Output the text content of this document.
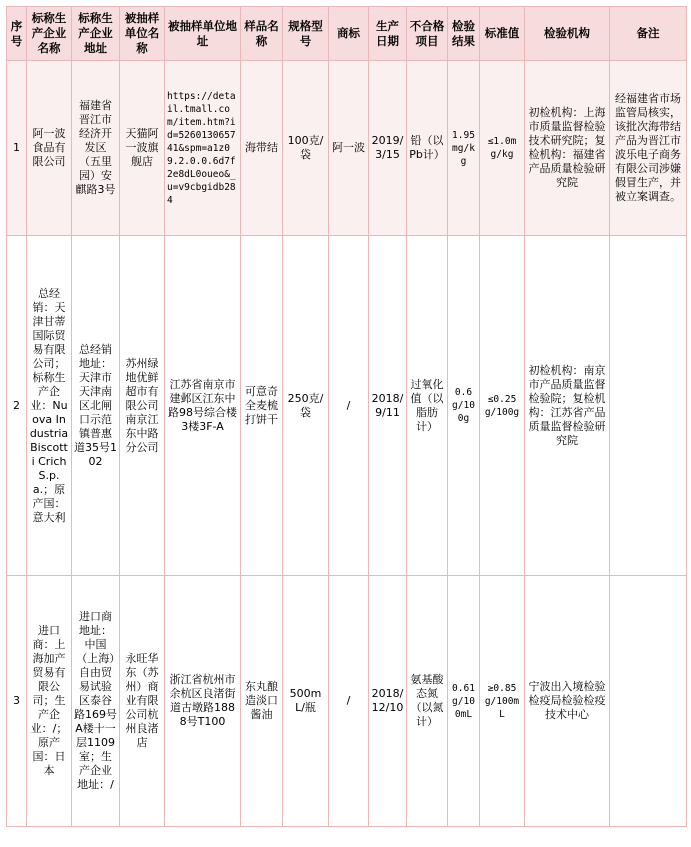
序号	标称生产企业名称	标称生产企业地址	被抽样单位名称	被抽样单位地址	样品名称	规格型号	商标	生产日期	不合格项目	检验结果	标准值	检验机构	备注
1	阿一波食品有限公司	福建省晋江市经济开发区（五里园）安麒路3号	天猫阿一波旗舰店	https://detail.tmall.com/item.htm?id=526013065741&spm=a1z09.2.0.0.6d7f2e8dL0oueo&_u=v9cbgidb284	海带结	100克/袋	阿一波	2019/3/15	铅（以Pb计）	1.95mg/kg	≤1.0mg/kg	初检机构：上海市质量监督检验技术研究院；复检机构：福建省产品质量检验研究院	经福建省市场监管局核实，该批次海带结产品为晋江市波乐电子商务有限公司涉嫌假冒生产，并被立案调查。
2	总经销：天津甘蒂国际贸易有限公司；标称生产企业：Nuova Industria Biscotti Crich S.p.a.；原产国：意大利	总经销地址：天津市天津南区北闸口示范镇普惠道35号102	苏州绿地优鲜超市有限公司南京江东中路分公司	江苏省南京市建邺区江东中路98号综合楼3楼3F-A	可意奇 全麦梳打饼干	250克/袋	/	2018/9/11	过氧化值（以脂肪计）	0.6g/100g	≤0.25g/100g	初检机构：南京市产品质量监督检验院；复检机构：江苏省产品质量监督检验研究院	
3	进口商：上海加产贸易有限公司；生产企业：/；原产国：日本	进口商地址：中国（上海）自由贸易试验区泰谷路169号A楼十一层1109室；生产企业地址：/	永旺华东（苏州）商业有限公司杭州良渚店	浙江省杭州市余杭区良渚街道古墩路1888号T100	东丸酿造淡口酱油	500mL/瓶	/	2018/12/10	氨基酸态氮（以氮计）	0.61g/100mL	≥0.85g/100mL	宁波出入境检验检疫局检验检疫技术中心	
